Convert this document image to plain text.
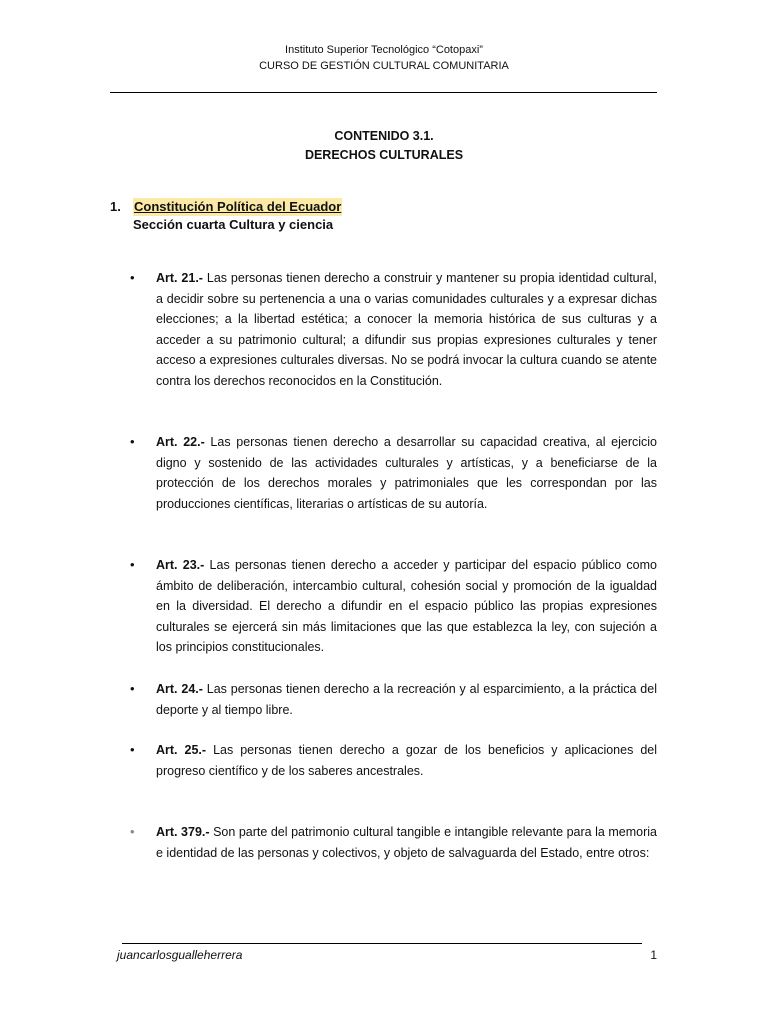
Instituto Superior Tecnológico “Cotopaxi”
CURSO DE GESTIÓN CULTURAL COMUNITARIA
CONTENIDO 3.1.
DERECHOS CULTURALES
1. Constitución Política del Ecuador
Sección cuarta Cultura y ciencia
•	Art. 21.- Las personas tienen derecho a construir y mantener su propia identidad cultural, a decidir sobre su pertenencia a una o varias comunidades culturales y a expresar dichas elecciones; a la libertad estética; a conocer la memoria histórica de sus culturas y a acceder a su patrimonio cultural; a difundir sus propias expresiones culturales y tener acceso a expresiones culturales diversas. No se podrá invocar la cultura cuando se atente contra los derechos reconocidos en la Constitución.
•	Art. 22.- Las personas tienen derecho a desarrollar su capacidad creativa, al ejercicio digno y sostenido de las actividades culturales y artísticas, y a beneficiarse de la protección de los derechos morales y patrimoniales que les correspondan por las producciones científicas, literarias o artísticas de su autoría.
•	Art. 23.- Las personas tienen derecho a acceder y participar del espacio público como ámbito de deliberación, intercambio cultural, cohesión social y promoción de la igualdad en la diversidad. El derecho a difundir en el espacio público las propias expresiones culturales se ejercerá sin más limitaciones que las que establezca la ley, con sujeción a los principios constitucionales.
•	Art. 24.- Las personas tienen derecho a la recreación y al esparcimiento, a la práctica del deporte y al tiempo libre.
•	Art. 25.- Las personas tienen derecho a gozar de los beneficios y aplicaciones del progreso científico y de los saberes ancestrales.
•	Art. 379.- Son parte del patrimonio cultural tangible e intangible relevante para la memoria e identidad de las personas y colectivos, y objeto de salvaguarda del Estado, entre otros:
juancarlosgualleherrera	1
